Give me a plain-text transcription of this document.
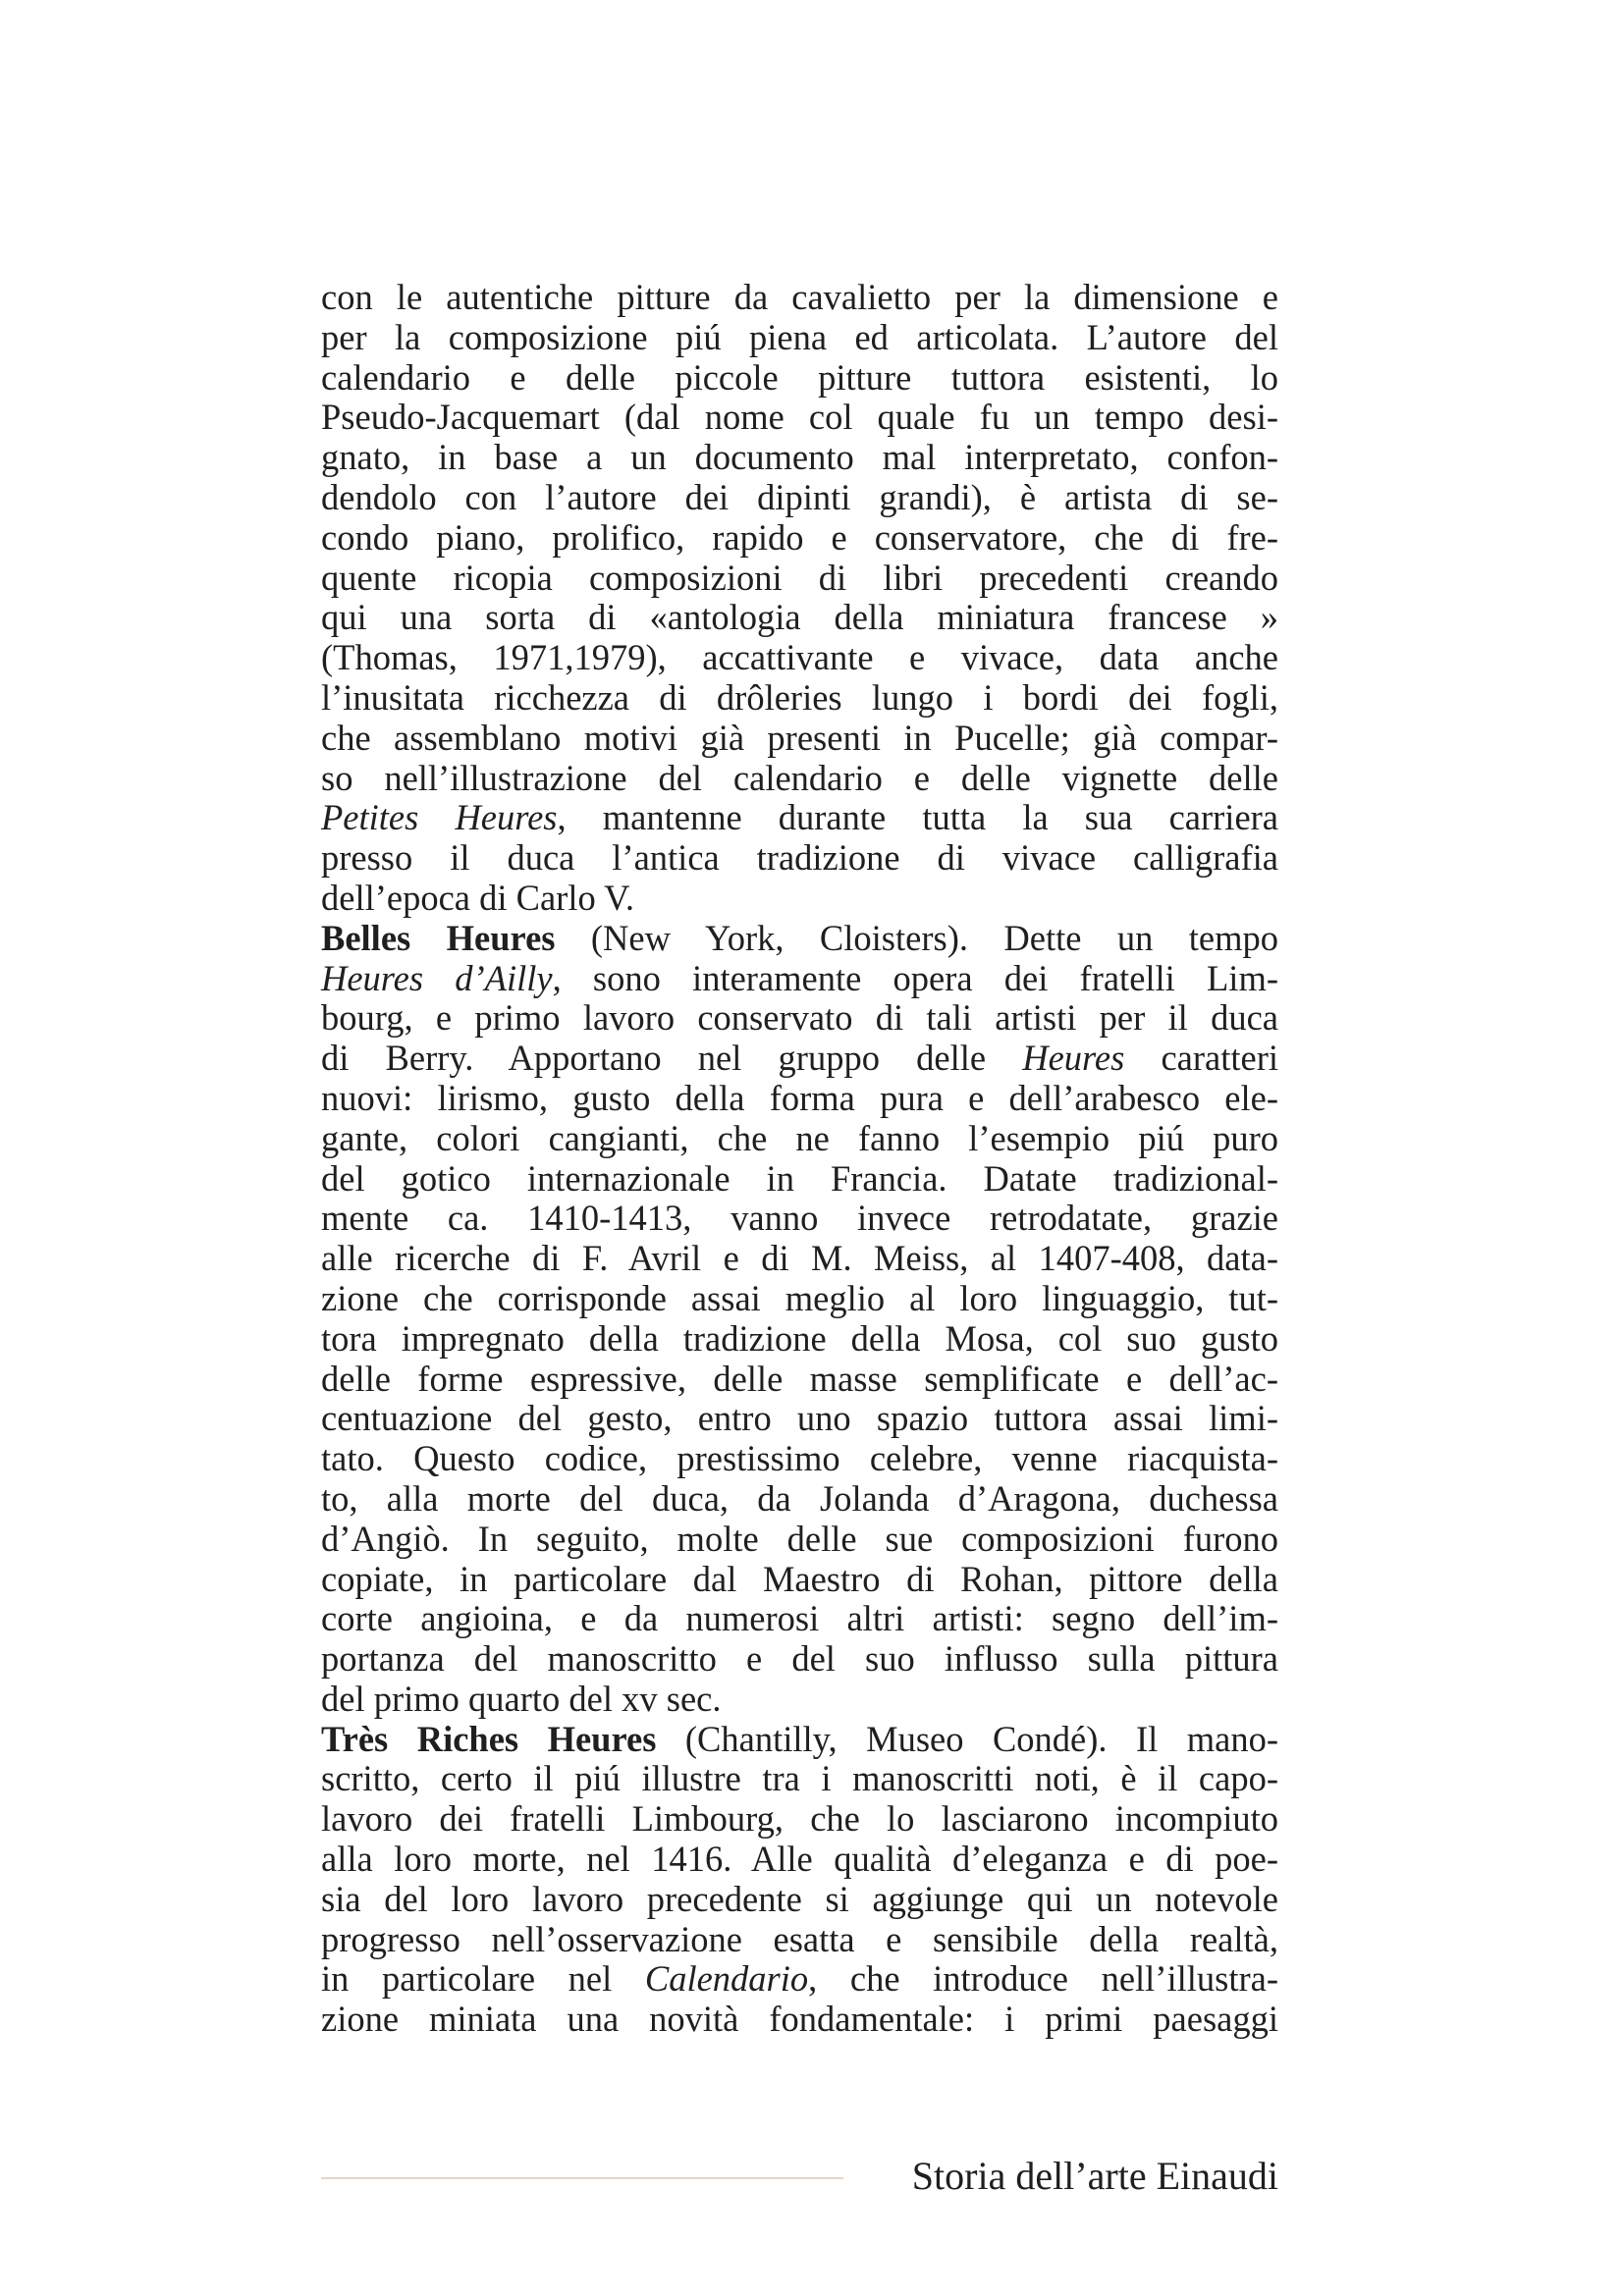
con le autentiche pitture da cavalietto per la dimensione e
per la composizione piú piena ed articolata. L’autore del
calendario e delle piccole pitture tuttora esistenti, lo
Pseudo-Jacquemart (dal nome col quale fu un tempo desi-
gnato, in base a un documento mal interpretato, confon-
dendolo con l’autore dei dipinti grandi), è artista di se-
condo piano, prolifico, rapido e conservatore, che di fre-
quente ricopia composizioni di libri precedenti creando
qui una sorta di «antologia della miniatura francese »
(Thomas, 1971,1979), accattivante e vivace, data anche
l’inusitata ricchezza di drôleries lungo i bordi dei fogli,
che assemblano motivi già presenti in Pucelle; già compar-
so nell’illustrazione del calendario e delle vignette delle
Petites Heures, mantenne durante tutta la sua carriera
presso il duca l’antica tradizione di vivace calligrafia
dell’epoca di Carlo V.
Belles Heures (New York, Cloisters). Dette un tempo
Heures d’Ailly, sono interamente opera dei fratelli Lim-
bourg, e primo lavoro conservato di tali artisti per il duca
di Berry. Apportano nel gruppo delle Heures caratteri
nuovi: lirismo, gusto della forma pura e dell’arabesco ele-
gante, colori cangianti, che ne fanno l’esempio piú puro
del gotico internazionale in Francia. Datate tradizional-
mente ca. 1410-1413, vanno invece retrodatate, grazie
alle ricerche di F. Avril e di M. Meiss, al 1407-408, data-
zione che corrisponde assai meglio al loro linguaggio, tut-
tora impregnato della tradizione della Mosa, col suo gusto
delle forme espressive, delle masse semplificate e dell’ac-
centuazione del gesto, entro uno spazio tuttora assai limi-
tato. Questo codice, prestissimo celebre, venne riacquista-
to, alla morte del duca, da Jolanda d’Aragona, duchessa
d’Angiò. In seguito, molte delle sue composizioni furono
copiate, in particolare dal Maestro di Rohan, pittore della
corte angioina, e da numerosi altri artisti: segno dell’im-
portanza del manoscritto e del suo influsso sulla pittura
del primo quarto del xv sec.
Très Riches Heures (Chantilly, Museo Condé). Il mano-
scritto, certo il piú illustre tra i manoscritti noti, è il capo-
lavoro dei fratelli Limbourg, che lo lasciarono incompiuto
alla loro morte, nel 1416. Alle qualità d’eleganza e di poe-
sia del loro lavoro precedente si aggiunge qui un notevole
progresso nell’osservazione esatta e sensibile della realtà,
in particolare nel Calendario, che introduce nell’illustra-
zione miniata una novità fondamentale: i primi paesaggi
Storia dell’arte Einaudi
